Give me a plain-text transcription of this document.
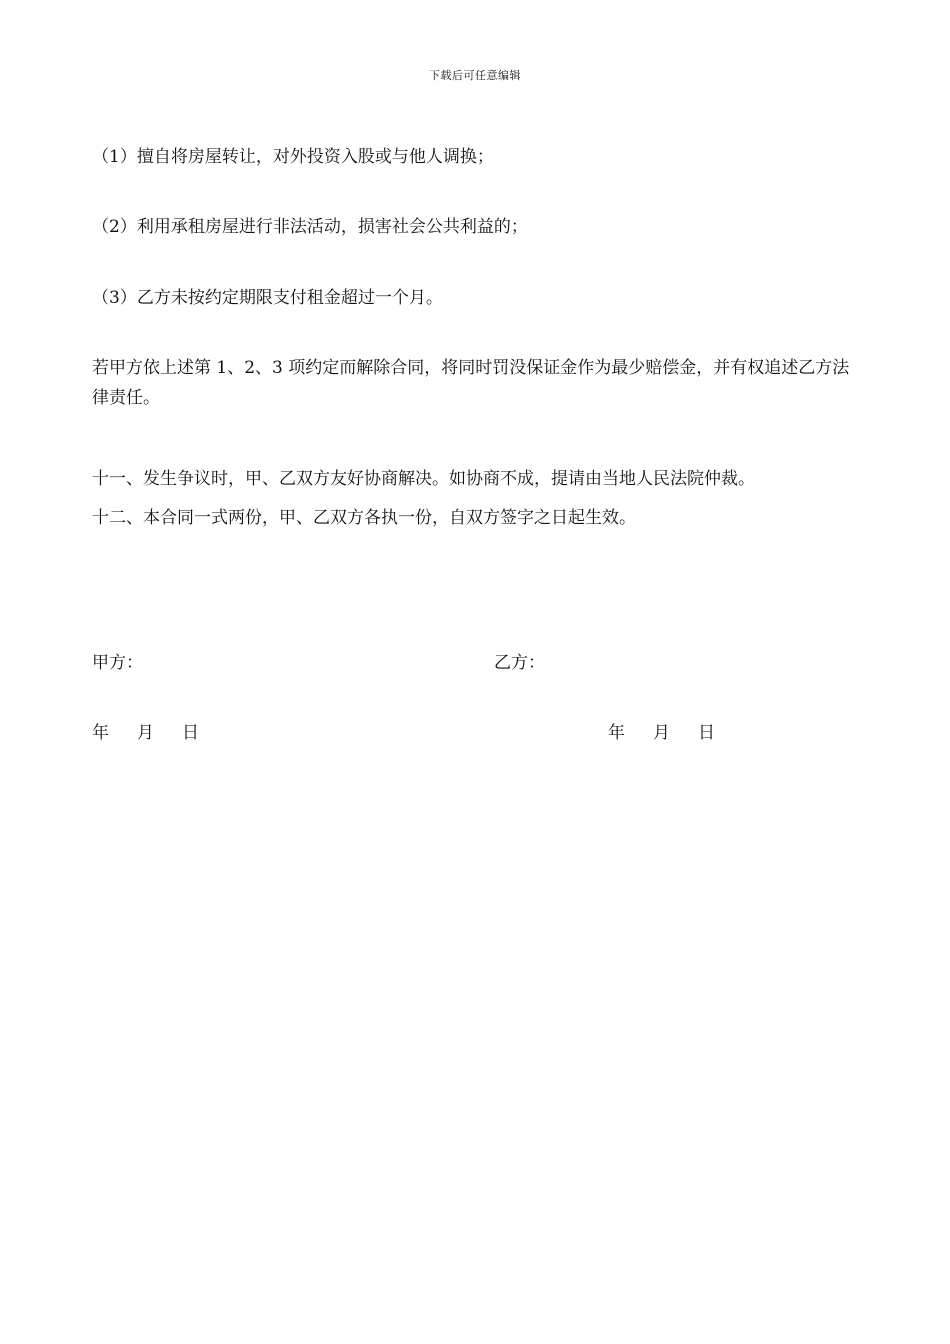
下载后可任意编辑
（1）擅自将房屋转让，对外投资入股或与他人调换；
（2）利用承租房屋进行非法活动，损害社会公共利益的；
（3）乙方未按约定期限支付租金超过一个月。
若甲方依上述第 1、2、3 项约定而解除合同，将同时罚没保证金作为最少赔偿金，并有权追述乙方法律责任。
十一、发生争议时，甲、乙双方友好协商解决。如协商不成，提请由当地人民法院仲裁。
十二、本合同一式两份，甲、乙双方各执一份，自双方签字之日起生效。
甲方：	乙方：
年 月 日	年 月 日
